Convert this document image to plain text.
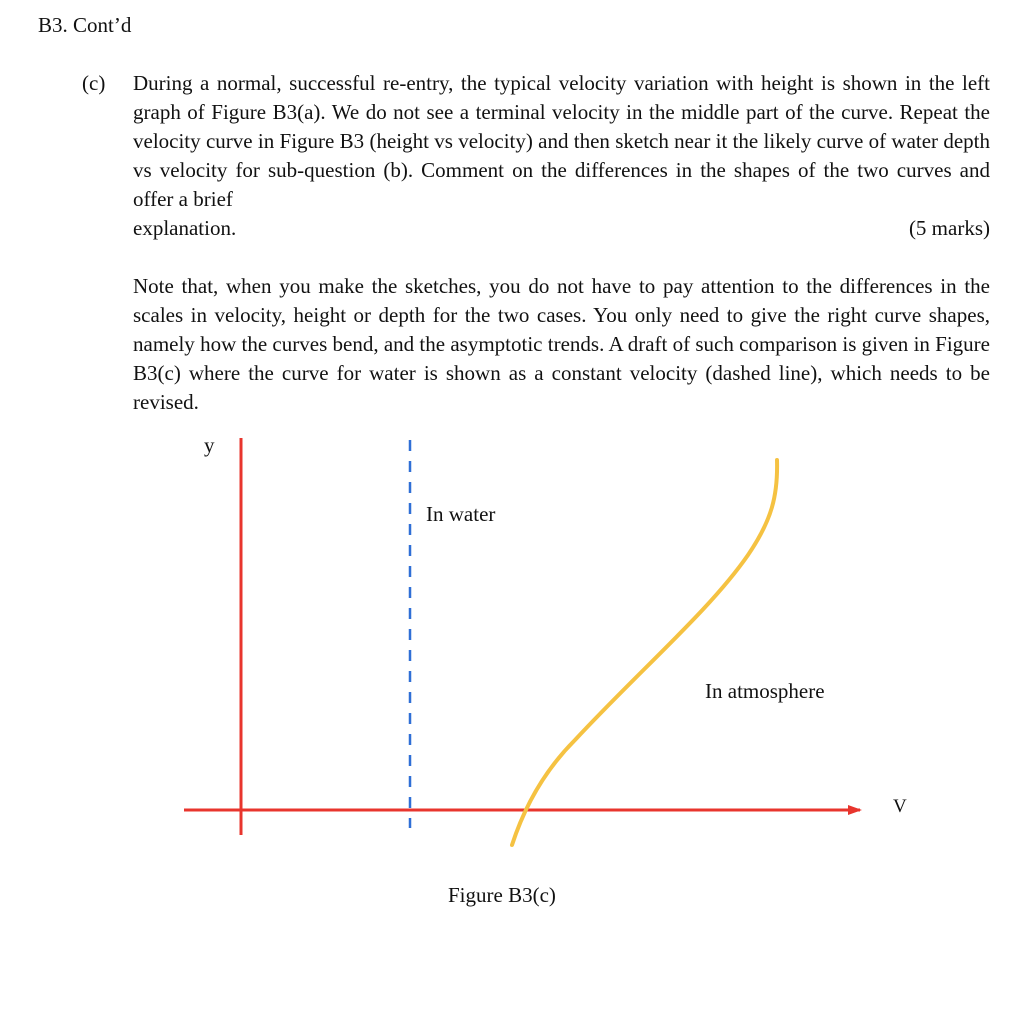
B3. Cont’d
(c) During a normal, successful re-entry, the typical velocity variation with height is shown in the left graph of Figure B3(a). We do not see a terminal velocity in the middle part of the curve. Repeat the velocity curve in Figure B3 (height vs velocity) and then sketch near it the likely curve of water depth vs velocity for sub-question (b). Comment on the differences in the shapes of the two curves and offer a brief
explanation.	(5 marks)
Note that, when you make the sketches, you do not have to pay attention to the differences in the scales in velocity, height or depth for the two cases. You only need to give the right curve shapes, namely how the curves bend, and the asymptotic trends. A draft of such comparison is given in Figure B3(c) where the curve for water is shown as a constant velocity (dashed line), which needs to be revised.
y
In water
In atmosphere
V
Figure B3(c)
